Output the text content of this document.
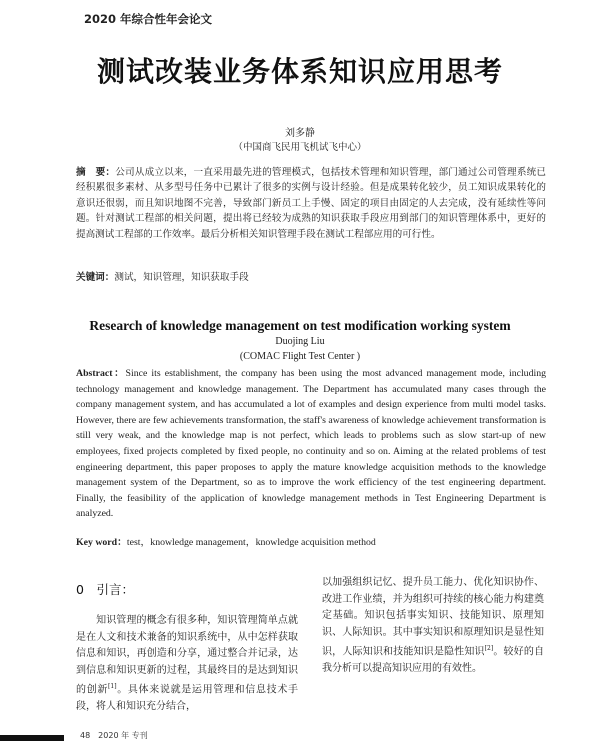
2020 年综合性年会论文
测试改装业务体系知识应用思考
刘多静
（中国商飞民用飞机试飞中心）
摘　要：公司从成立以来，一直采用最先进的管理模式，包括技术管理和知识管理，部门通过公司管理系统已经积累很多素材、从多型号任务中已累计了很多的实例与设计经验。但是成果转化较少，员工知识成果转化的意识还很弱，而且知识地图不完善，导致部门新员工上手慢、固定的项目由固定的人去完成，没有延续性等问题。针对测试工程部的相关问题，提出将已经较为成熟的知识获取手段应用到部门的知识管理体系中，更好的提高测试工程部的工作效率。最后分析相关知识管理手段在测试工程部应用的可行性。
关键词：测试，知识管理，知识获取手段
Research of knowledge management on test modification working system
Duojing Liu
(COMAC Flight Test Center )
Abstract：Since its establishment, the company has been using the most advanced management mode, including technology management and knowledge management. The Department has accumulated many cases through the company management system, and has accumulated a lot of examples and design experience from multi model tasks. However, there are few achievements transformation, the staff's awareness of knowledge achievement transformation is still very weak, and the knowledge map is not perfect, which leads to problems such as slow start-up of new employees, fixed projects completed by fixed people, no continuity and so on. Aiming at the related problems of test engineering department, this paper proposes to apply the mature knowledge acquisition methods to the knowledge management system of the Department, so as to improve the work efficiency of the test engineering department. Finally, the feasibility of the application of knowledge management methods in Test Engineering Department is analyzed.
Key word：test，knowledge management，knowledge acquisition method
0　引言：
知识管理的概念有很多种，知识管理简单点就是在人文和技术兼备的知识系统中，从中怎样获取信息和知识，再创造和分享，通过整合并记录，达到信息和知识更新的过程，其最终目的是达到知识的创新[1]。具体来说就是运用管理和信息技术手段，将人和知识充分结合，
以加强组织记忆、提升员工能力、优化知识协作、改进工作业绩，并为组织可持续的核心能力构建奠定基础。知识包括事实知识、技能知识、原理知识、人际知识。其中事实知识和原理知识是显性知识，人际知识和技能知识是隐性知识[2]。较好的自我分析可以提高知识应用的有效性。
48　2020 年 专刊
